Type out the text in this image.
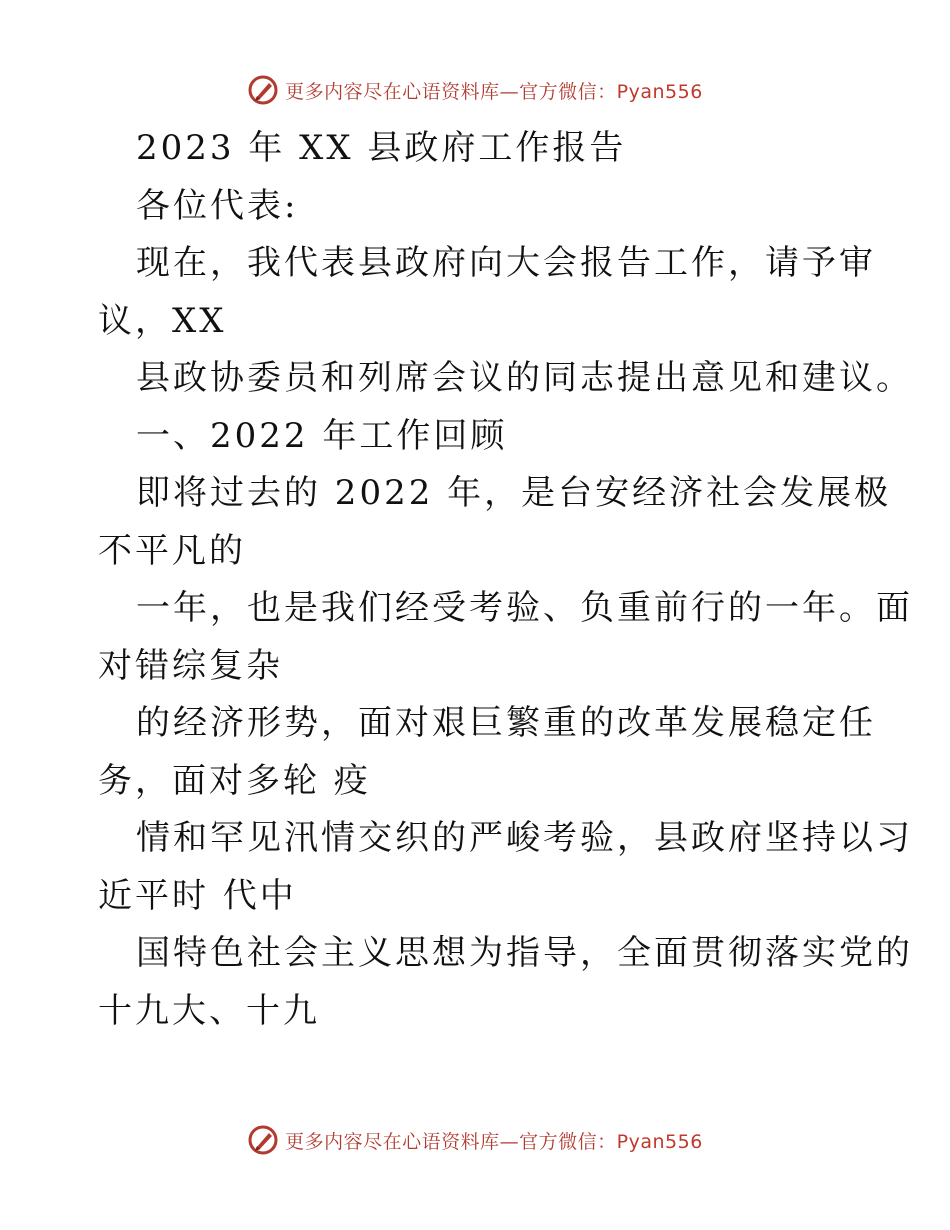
更多内容尽在心语资料库—官方微信：Pyan556
2023 年 XX 县政府工作报告
各位代表:
现在，我代表县政府向大会报告工作，请予审
议，XX
县政协委员和列席会议的同志提出意见和建议。
一、2022 年工作回顾
即将过去的 2022 年，是台安经济社会发展极
不平凡的
一年，也是我们经受考验、负重前行的一年。面
对错综复杂
的经济形势，面对艰巨繁重的改革发展稳定任
务，面对多轮 疫
情和罕见汛情交织的严峻考验，县政府坚持以习
近平时 代中
国特色社会主义思想为指导，全面贯彻落实党的
十九大、十九
更多内容尽在心语资料库—官方微信：Pyan556
